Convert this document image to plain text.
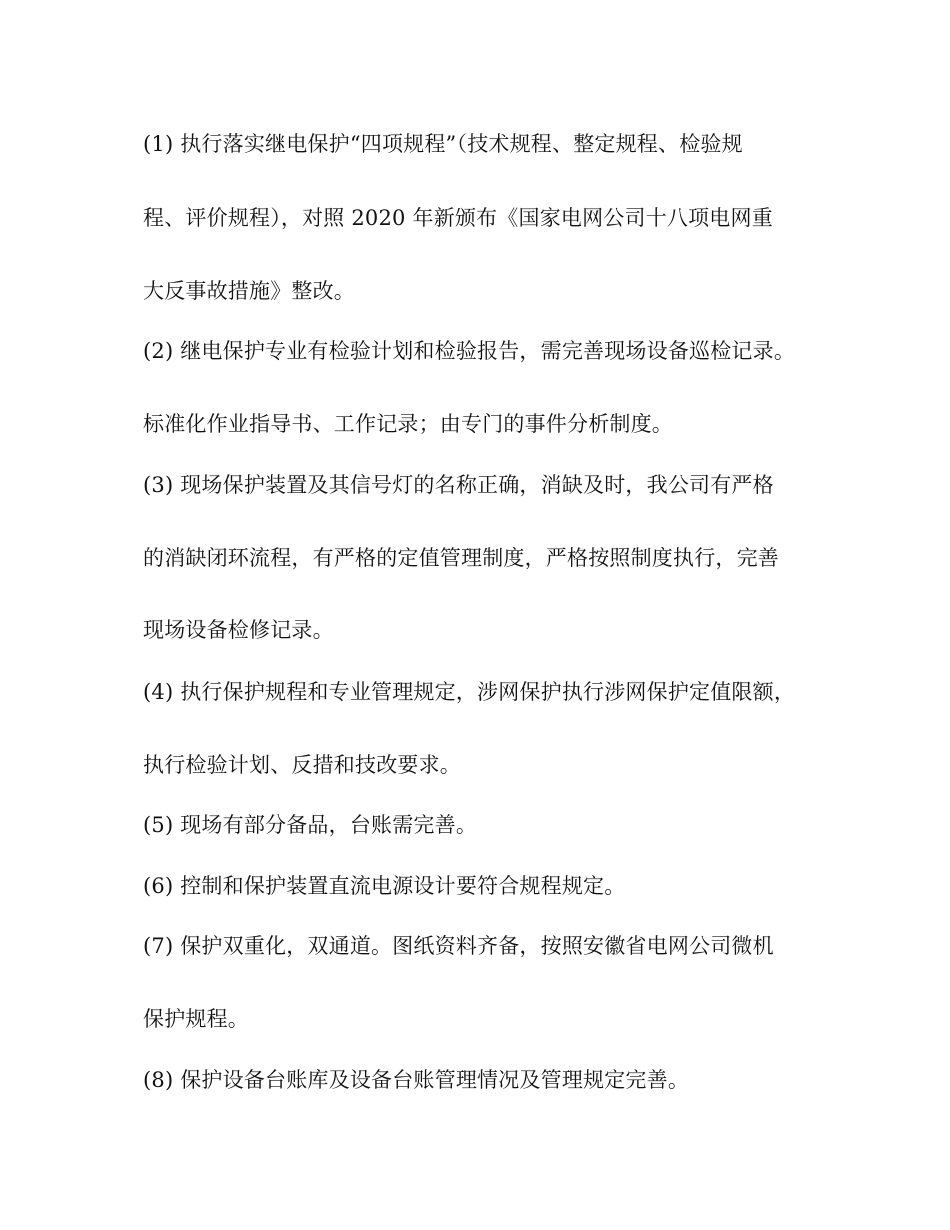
(1) 执行落实继电保护“四项规程”（技术规程、整定规程、检验规
程、评价规程），对照 2020 年新颁布《国家电网公司十八项电网重
大反事故措施》整改。
(2) 继电保护专业有检验计划和检验报告，需完善现场设备巡检记录。
标准化作业指导书、工作记录；由专门的事件分析制度。
(3) 现场保护装置及其信号灯的名称正确，消缺及时，我公司有严格
的消缺闭环流程，有严格的定值管理制度，严格按照制度执行，完善
现场设备检修记录。
(4) 执行保护规程和专业管理规定，涉网保护执行涉网保护定值限额，
执行检验计划、反措和技改要求。
(5) 现场有部分备品，台账需完善。
(6) 控制和保护装置直流电源设计要符合规程规定。
(7) 保护双重化，双通道。图纸资料齐备，按照安徽省电网公司微机
保护规程。
(8) 保护设备台账库及设备台账管理情况及管理规定完善。
